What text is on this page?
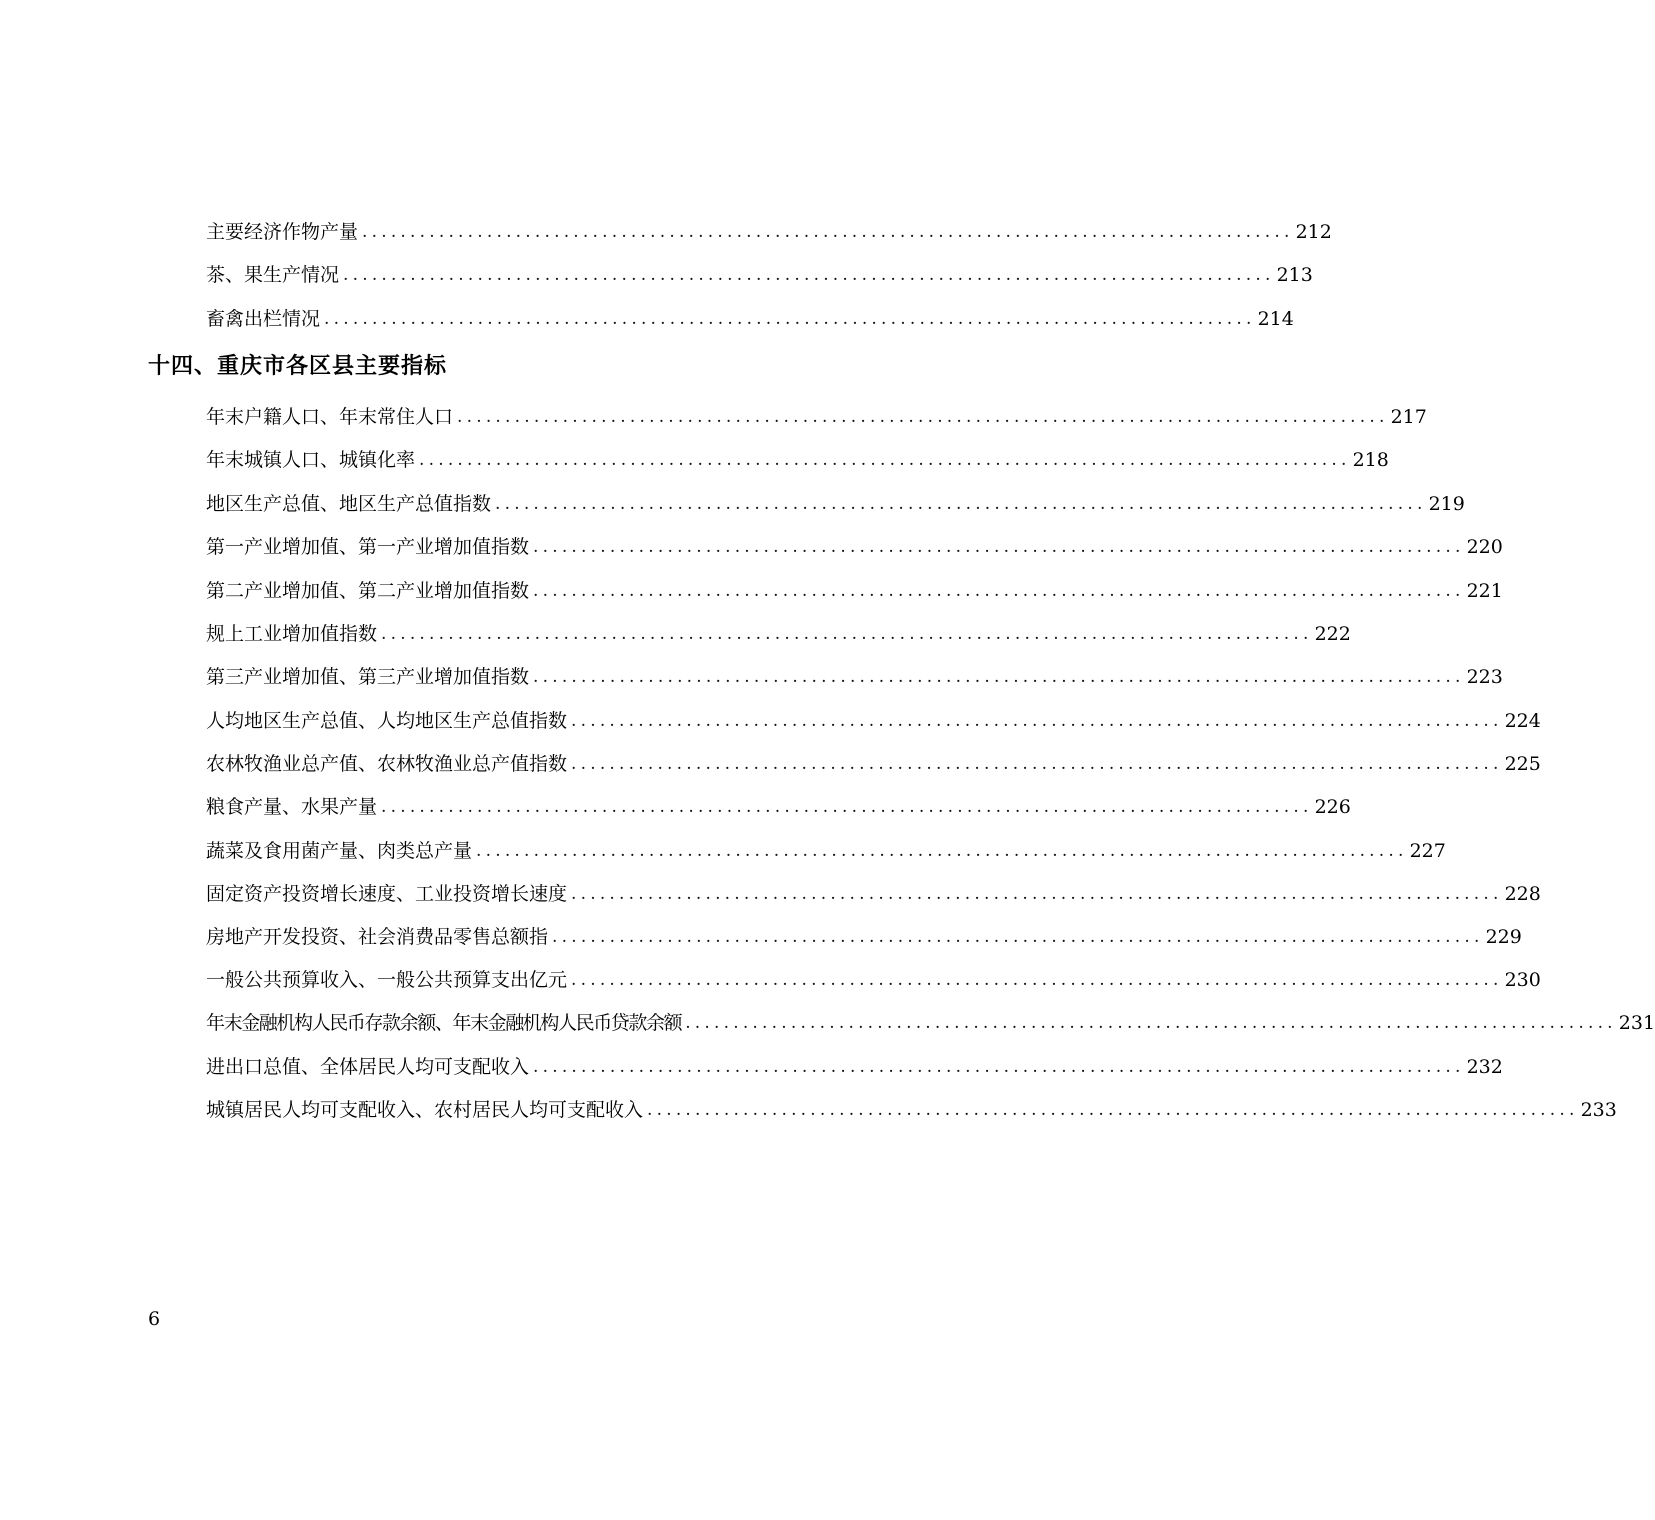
主要经济作物产量 ................................................................................................. 212
茶、果生产情况 ................................................................................................. 213
畜禽出栏情况 ................................................................................................. 214
十四、重庆市各区县主要指标
年末户籍人口、年末常住人口 ................................................................................................. 217
年末城镇人口、城镇化率 ................................................................................................. 218
地区生产总值、地区生产总值指数 ................................................................................................. 219
第一产业增加值、第一产业增加值指数 ................................................................................................. 220
第二产业增加值、第二产业增加值指数 ................................................................................................. 221
规上工业增加值指数 ................................................................................................. 222
第三产业增加值、第三产业增加值指数 ................................................................................................. 223
人均地区生产总值、人均地区生产总值指数 ................................................................................................. 224
农林牧渔业总产值、农林牧渔业总产值指数 ................................................................................................. 225
粮食产量、水果产量 ................................................................................................. 226
蔬菜及食用菌产量、肉类总产量 ................................................................................................. 227
固定资产投资增长速度、工业投资增长速度 ................................................................................................. 228
房地产开发投资、社会消费品零售总额指 ................................................................................................. 229
一般公共预算收入、一般公共预算支出亿元 ................................................................................................. 230
年末金融机构人民币存款余额、年末金融机构人民币贷款余额 ................................................................................................. 231
进出口总值、全体居民人均可支配收入 ................................................................................................. 232
城镇居民人均可支配收入、农村居民人均可支配收入 ................................................................................................. 233
6
